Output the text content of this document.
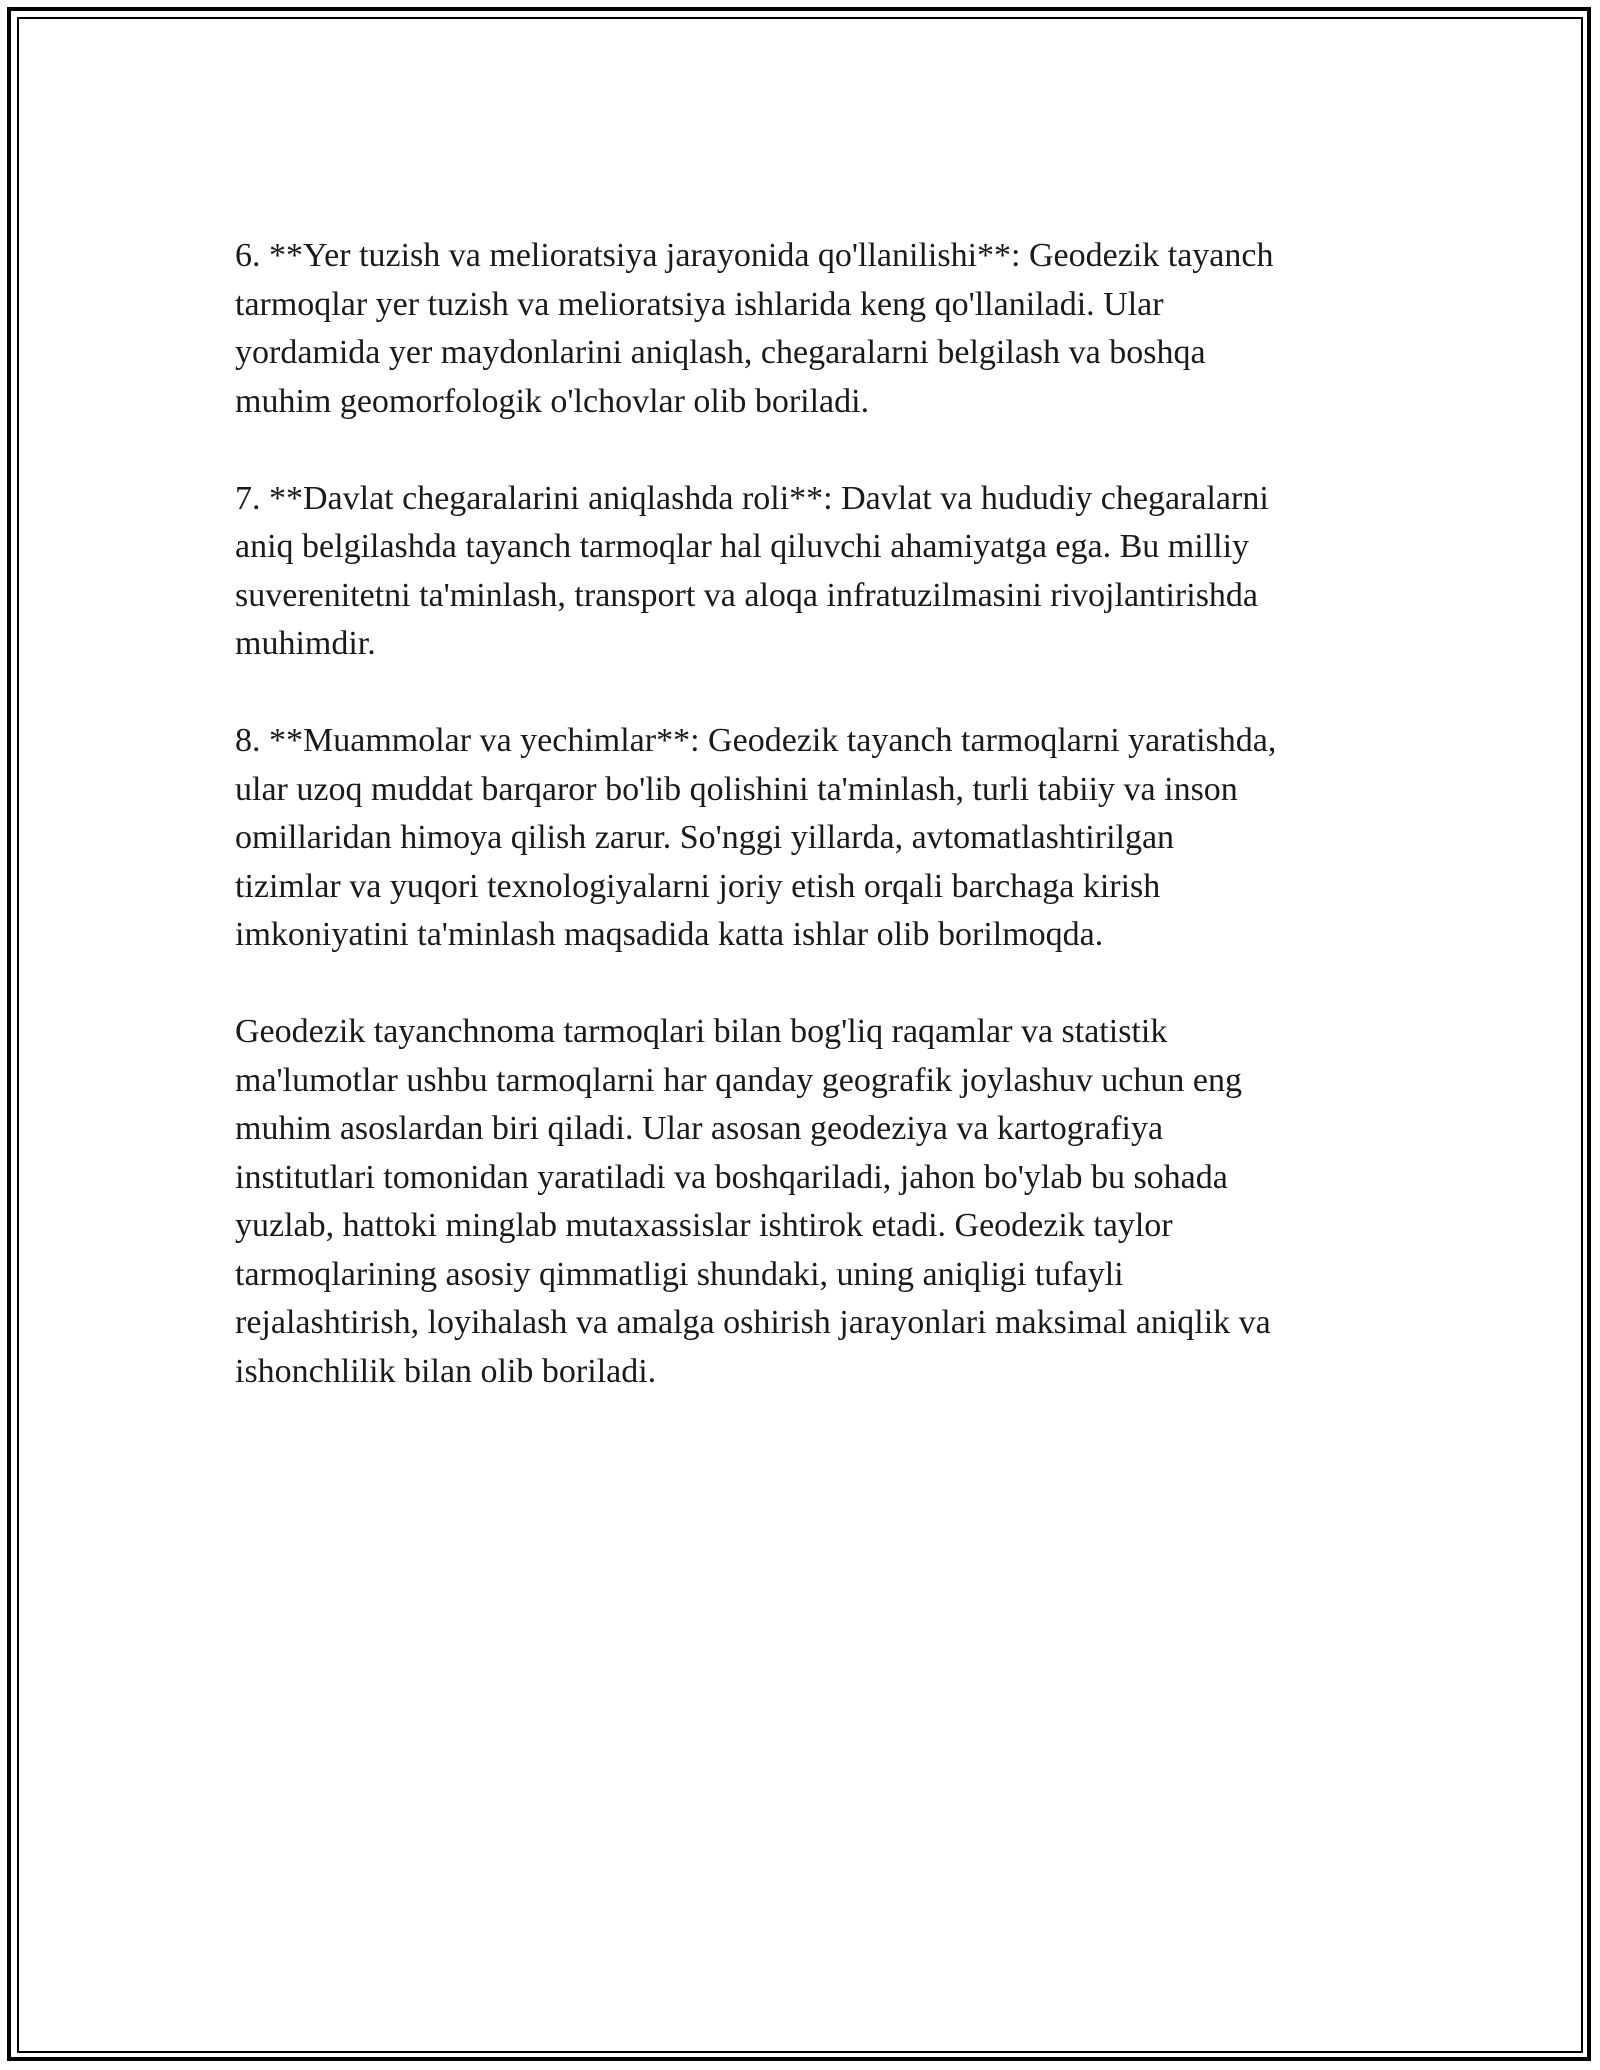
6. **Yer tuzish va melioratsiya jarayonida qo'llanilishi**: Geodezik tayanch
tarmoqlar yer tuzish va melioratsiya ishlarida keng qo'llaniladi. Ular
yordamida yer maydonlarini aniqlash, chegaralarni belgilash va boshqa
muhim geomorfologik o'lchovlar olib boriladi.

7. **Davlat chegaralarini aniqlashda roli**: Davlat va hududiy chegaralarni
aniq belgilashda tayanch tarmoqlar hal qiluvchi ahamiyatga ega. Bu milliy
suverenitetni ta'minlash, transport va aloqa infratuzilmasini rivojlantirishda
muhimdir.

8. **Muammolar va yechimlar**: Geodezik tayanch tarmoqlarni yaratishda,
ular uzoq muddat barqaror bo'lib qolishini ta'minlash, turli tabiiy va inson
omillaridan himoya qilish zarur. So'nggi yillarda, avtomatlashtirilgan
tizimlar va yuqori texnologiyalarni joriy etish orqali barchaga kirish
imkoniyatini ta'minlash maqsadida katta ishlar olib borilmoqda.

Geodezik tayanchnoma tarmoqlari bilan bog'liq raqamlar va statistik
ma'lumotlar ushbu tarmoqlarni har qanday geografik joylashuv uchun eng
muhim asoslardan biri qiladi. Ular asosan geodeziya va kartografiya
institutlari tomonidan yaratiladi va boshqariladi, jahon bo'ylab bu sohada
yuzlab, hattoki minglab mutaxassislar ishtirok etadi. Geodezik taylor
tarmoqlarining asosiy qimmatligi shundaki, uning aniqligi tufayli
rejalashtirish, loyihalash va amalga oshirish jarayonlari maksimal aniqlik va
ishonchlilik bilan olib boriladi.
